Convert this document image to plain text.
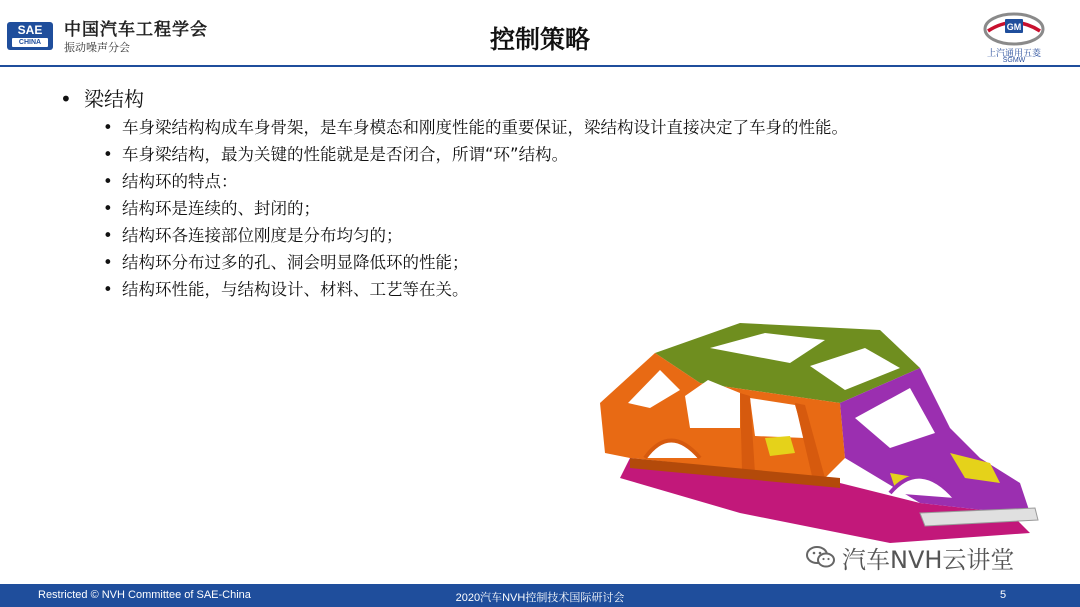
SAE
CHINA
中国汽车工程学会
振动噪声分会	控制策略	GM
上汽通用五菱
SGMW
• 梁结构
• 车身梁结构构成车身骨架，是车身模态和刚度性能的重要保证，梁结构设计直接决定了车身的性能。
• 车身梁结构，最为关键的性能就是是否闭合，所谓“环”结构。
• 结构环的特点：
• 结构环是连续的、封闭的；
• 结构环各连接部位刚度是分布均匀的；
• 结构环分布过多的孔、洞会明显降低环的性能；
• 结构环性能，与结构设计、材料、工艺等在关。
汽车NVH云讲堂
Restricted © NVH Committee of SAE-China	2020汽车NVH控制技术国际研讨会	5
